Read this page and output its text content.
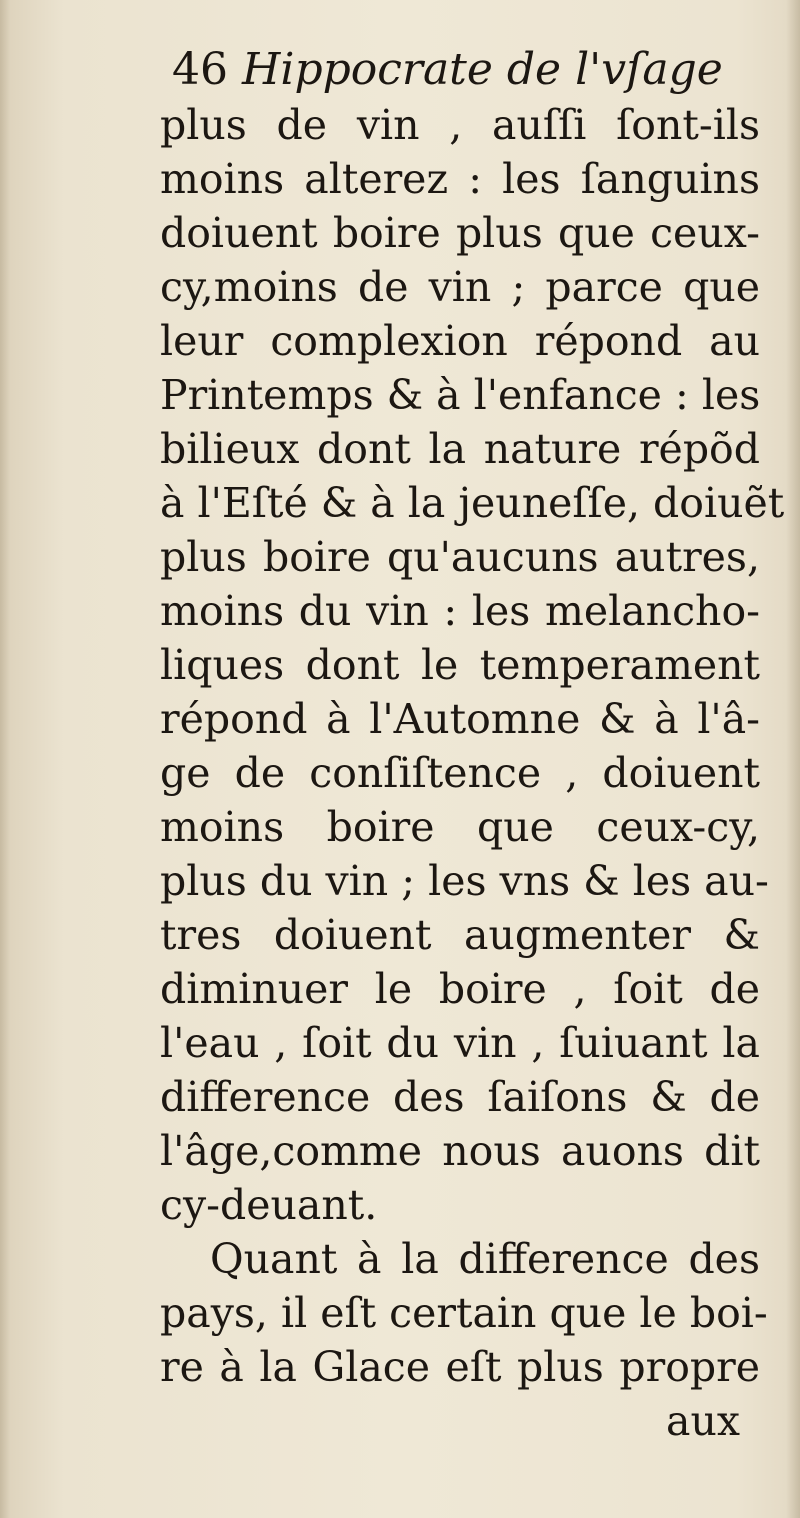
46 Hippocrate de l'vſage
plus de vin , auſſi ſont-ils
moins alterez : les ſanguins
doiuent boire plus que ceux-
cy,moins de vin ; parce que
leur complexion répond au
Printemps & à l'enfance : les
bilieux dont la nature répõd
à l'Eſté & à la jeuneſſe, doiuẽt
plus boire qu'aucuns autres,
moins du vin : les melancho-
liques dont le temperament
répond à l'Automne & à l'â-
ge de conſiſtence , doiuent
moins boire que ceux-cy,
plus du vin ; les vns & les au-
tres doiuent augmenter &
diminuer le boire , ſoit de
l'eau , ſoit du vin , ſuiuant la
difference des ſaiſons & de
l'âge,comme nous auons dit
cy-deuant.
Quant à la difference des
pays, il eſt certain que le boi-
re à la Glace eſt plus propre
aux
